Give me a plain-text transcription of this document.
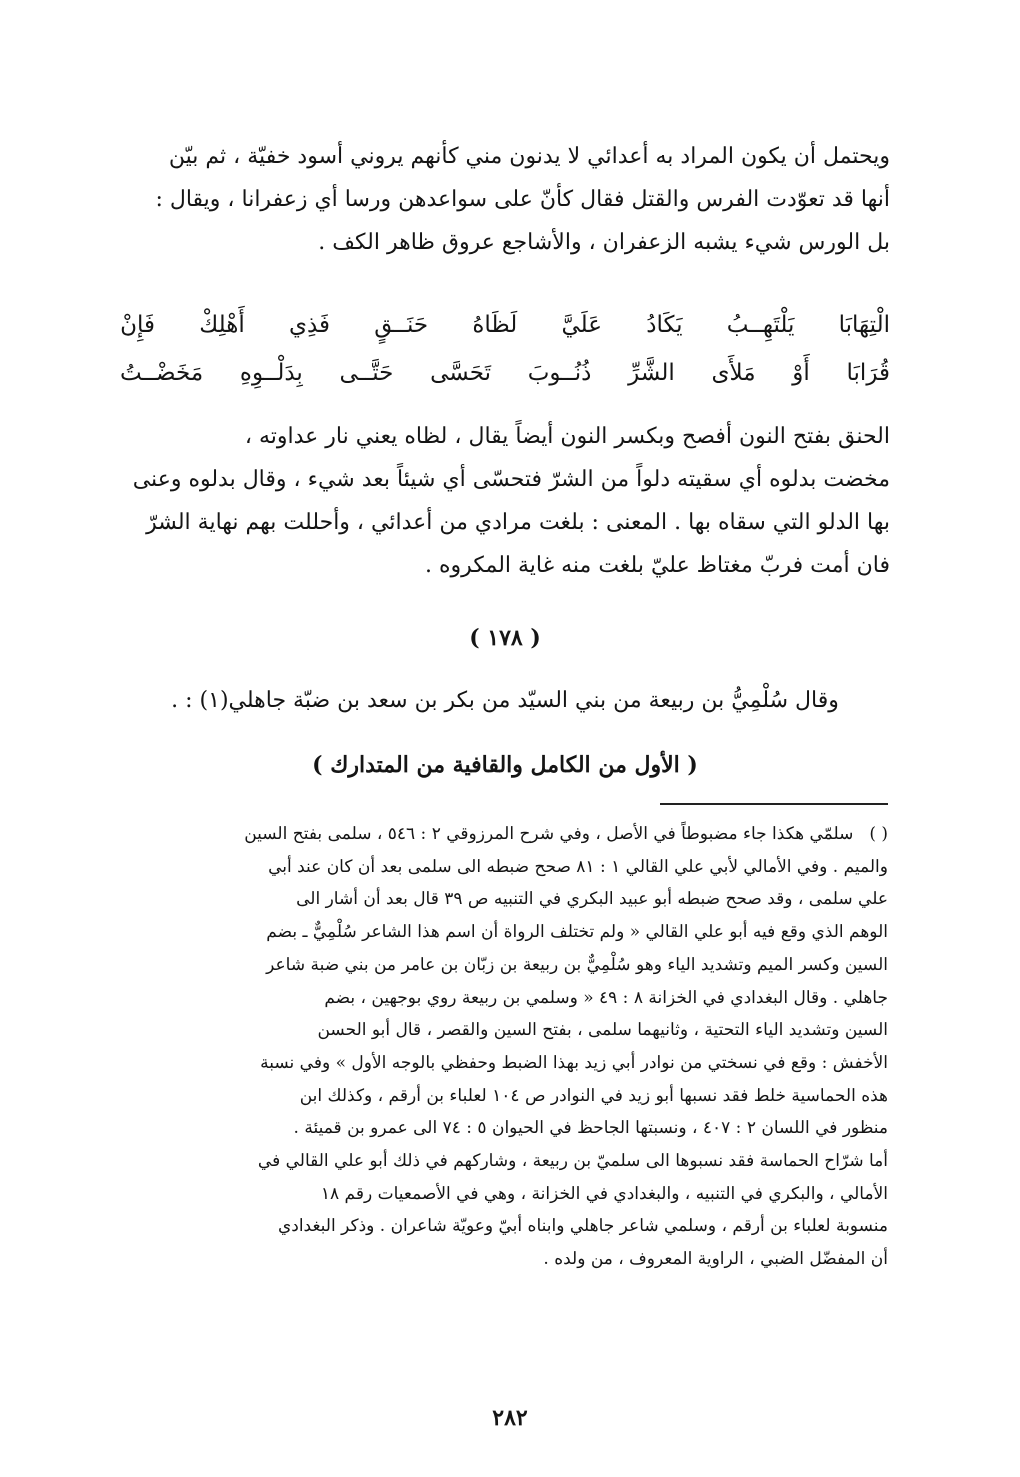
ويحتمل أن يكون المراد به أعدائي لا يدنون مني كأنهم يروني أسود خفيّة ، ثم بيّن

أنها قد تعوّدت الفرس والقتل فقال كأنّ على سواعدهن ورسا أي زعفرانا ، ويقال :

بل الورس شيء يشبه الزعفران ، والأشاجع عروق ظاهر الكف .

فَإِنْ أَهْلِكْ فَذِي حَنَــقٍ لَظَاهُ عَلَيَّ يَكَادُ يَلْتَهِــبُ الْتِهَابَا
مَخَضْــتُ بِدَلْــوِهِ حَتَّــى تَحَسَّى ذُنُــوبَ الشَّرِّ مَلأَى أَوْ قُرَابَا

الحنق بفتح النون أفصح وبكسر النون أيضاً يقال ، لظاه يعني نار عداوته ،

مخضت بدلوه أي سقيته دلواً من الشرّ فتحسّى أي شيئاً بعد شيء ، وقال بدلوه وعنى

بها الدلو التي سقاه بها . المعنى : بلغت مرادي من أعدائي ، وأحللت بهم نهاية الشرّ

فان أمت فربّ مغتاظ عليّ بلغت منه غاية المكروه .

( ١٧٨ )
وقال سُلْمِيُّ بن ربيعة من بني السيّد من بكر بن سعد بن ضبّة جاهلي(١) : .
( الأول من الكامل والقافية من المتدارك )

( )سلمّي هكذا جاء مضبوطاً في الأصل ، وفي شرح المرزوقي ٢ : ٥٤٦ ، سلمى بفتح السين

والميم . وفي الأمالي لأبي علي القالي ١ : ٨١ صحح ضبطه الى سلمى بعد أن كان عند أبي

علي سلمى ، وقد صحح ضبطه أبو عبيد البكري في التنبيه ص ٣٩ قال بعد أن أشار الى

الوهم الذي وقع فيه أبو علي القالي « ولم تختلف الرواة أن اسم هذا الشاعر سُلْمِيٌّ ـ بضم

السين وكسر الميم وتشديد الياء وهو سُلْمِيٌّ بن ربيعة بن زبّان بن عامر من بني ضبة شاعر

جاهلي . وقال البغدادي في الخزانة ٨ : ٤٩ « وسلمي بن ربيعة روي بوجهين ، بضم

السين وتشديد الياء التحتية ، وثانيهما سلمى ، بفتح السين والقصر ، قال أبو الحسن

الأخفش : وقع في نسختي من نوادر أبي زيد بهذا الضبط وحفظي بالوجه الأول » وفي نسبة

هذه الحماسية خلط فقد نسبها أبو زيد في النوادر ص ١٠٤ لعلباء بن أرقم ، وكذلك ابن

منظور في اللسان ٢ : ٤٠٧ ، ونسبتها الجاحظ في الحيوان ٥ : ٧٤ الى عمرو بن قميئة .

أما شرّاح الحماسة فقد نسبوها الى سلميّ بن ربيعة ، وشاركهم في ذلك أبو علي القالي في

الأمالي ، والبكري في التنبيه ، والبغدادي في الخزانة ، وهي في الأصمعيات رقم ١٨

منسوبة لعلباء بن أرقم ، وسلمي شاعر جاهلي وابناه أبيّ وعويّة شاعران . وذكر البغدادي

أن المفضّل الضبي ، الراوية المعروف ، من ولده .

٢٨٢
